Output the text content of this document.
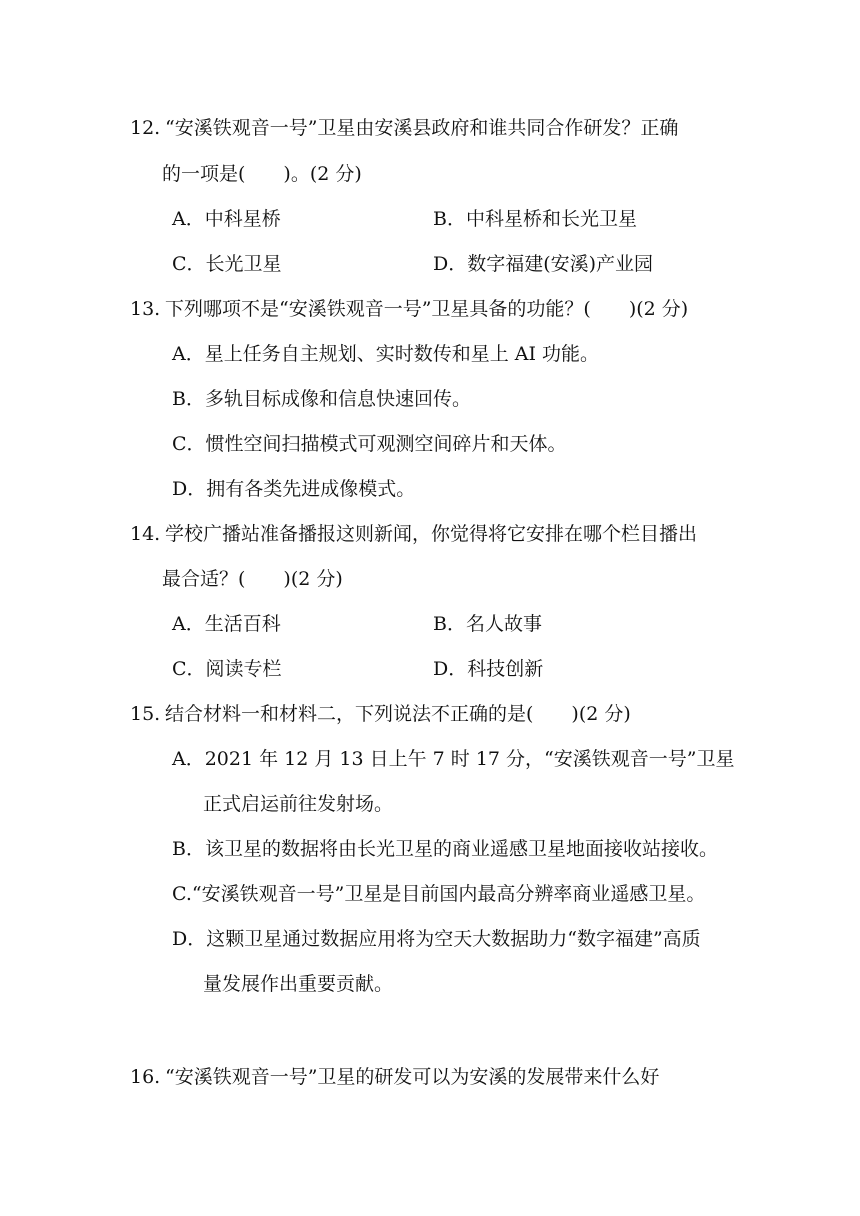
12. “安溪铁观音一号”卫星由安溪县政府和谁共同合作研发？正确
的一项是(　　)。(2 分)
A．中科星桥	B．中科星桥和长光卫星
C．长光卫星	D．数字福建(安溪)产业园
13. 下列哪项不是“安溪铁观音一号”卫星具备的功能？(　　)(2 分)
A．星上任务自主规划、实时数传和星上 AI 功能。
B．多轨目标成像和信息快速回传。
C．惯性空间扫描模式可观测空间碎片和天体。
D．拥有各类先进成像模式。
14. 学校广播站准备播报这则新闻，你觉得将它安排在哪个栏目播出
最合适？(　　)(2 分)
A．生活百科	B．名人故事
C．阅读专栏	D．科技创新
15. 结合材料一和材料二，下列说法不正确的是(　　)(2 分)
A．2021 年 12 月 13 日上午 7 时 17 分，“安溪铁观音一号”卫星
正式启运前往发射场。
B．该卫星的数据将由长光卫星的商业遥感卫星地面接收站接收。
C.“安溪铁观音一号”卫星是目前国内最高分辨率商业遥感卫星。
D．这颗卫星通过数据应用将为空天大数据助力“数字福建”高质
量发展作出重要贡献。
16. “安溪铁观音一号”卫星的研发可以为安溪的发展带来什么好
